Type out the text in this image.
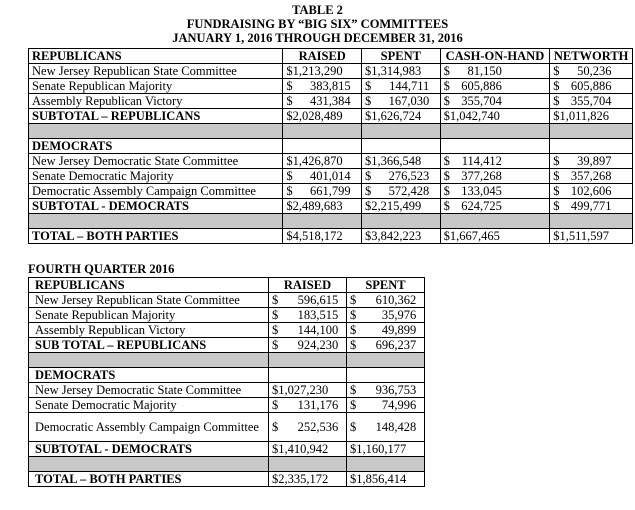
TABLE 2
FUNDRAISING BY “BIG SIX” COMMITTEES
JANUARY 1, 2016 THROUGH DECEMBER 31, 2016
REPUBLICANS	RAISED	SPENT	CASH-ON-HAND	NETWORTH
New Jersey Republican State Committee	$1,213,290	$1,314,983	$ 81,150	$ 50,236
Senate Republican Majority	$ 383,815	$ 144,711	$ 605,886	$ 605,886
Assembly Republican Victory	$ 431,384	$ 167,030	$ 355,704	$ 355,704
SUBTOTAL – REPUBLICANS	$2,028,489	$1,626,724	$1,042,740	$1,011,826

DEMOCRATS				
New Jersey Democratic State Committee	$1,426,870	$1,366,548	$ 114,412	$ 39,897
Senate Democratic Majority	$ 401,014	$ 276,523	$ 377,268	$ 357,268
Democratic Assembly Campaign Committee	$ 661,799	$ 572,428	$ 133,045	$ 102,606
SUBTOTAL - DEMOCRATS	$2,489,683	$2,215,499	$ 624,725	$ 499,771

TOTAL – BOTH PARTIES	$4,518,172	$3,842,223	$1,667,465	$1,511,597
FOURTH QUARTER 2016
REPUBLICANS	RAISED	SPENT
New Jersey Republican State Committee	$ 596,615	$ 610,362
Senate Republican Majority	$ 183,515	$ 35,976
Assembly Republican Victory	$ 144,100	$ 49,899
SUB TOTAL – REPUBLICANS	$ 924,230	$ 696,237

DEMOCRATS		
New Jersey Democratic State Committee	$1,027,230	$ 936,753
Senate Democratic Majority	$ 131,176	$ 74,996
Democratic Assembly Campaign Committee	$ 252,536	$ 148,428
SUBTOTAL - DEMOCRATS	$1,410,942	$1,160,177

TOTAL – BOTH PARTIES	$2,335,172	$1,856,414
